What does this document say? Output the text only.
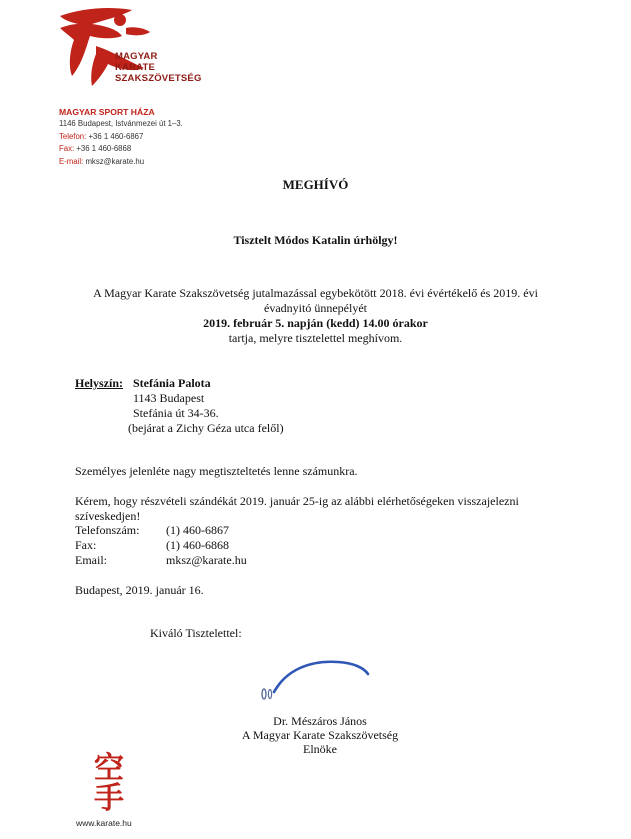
MAGYAR
KARATE
SZAKSZÖVETSÉG
MAGYAR SPORT HÁZA
1146 Budapest, Istvánmezei út 1–3.
Telefon: +36 1 460-6867
Fax: +36 1 460-6868
E-mail: mksz@karate.hu
MEGHÍVÓ
Tisztelt Módos Katalin úrhölgy!
A Magyar Karate Szakszövetség jutalmazással egybekötött 2018. évi évértékelő és 2019. évi
évadnyitó ünnepélyét
2019. február 5. napján (kedd) 14.00 órakor
tartja, melyre tisztelettel meghívom.
Helyszín: Stefánia Palota
1143 Budapest
Stefánia út 34-36.
(bejárat a Zichy Géza utca felől)
Személyes jelenléte nagy megtiszteltetés lenne számunkra.
Kérem, hogy részvételi szándékát 2019. január 25-ig az alábbi elérhetőségeken visszajelezni
szíveskedjen!
Telefonszám: (1) 460-6867
Fax:	(1) 460-6868
Email:	mksz@karate.hu
Budapest, 2019. január 16.
Kiváló Tisztelettel:
Dr. Mészáros János
A Magyar Karate Szakszövetség
Elnöke
空手
www.karate.hu
